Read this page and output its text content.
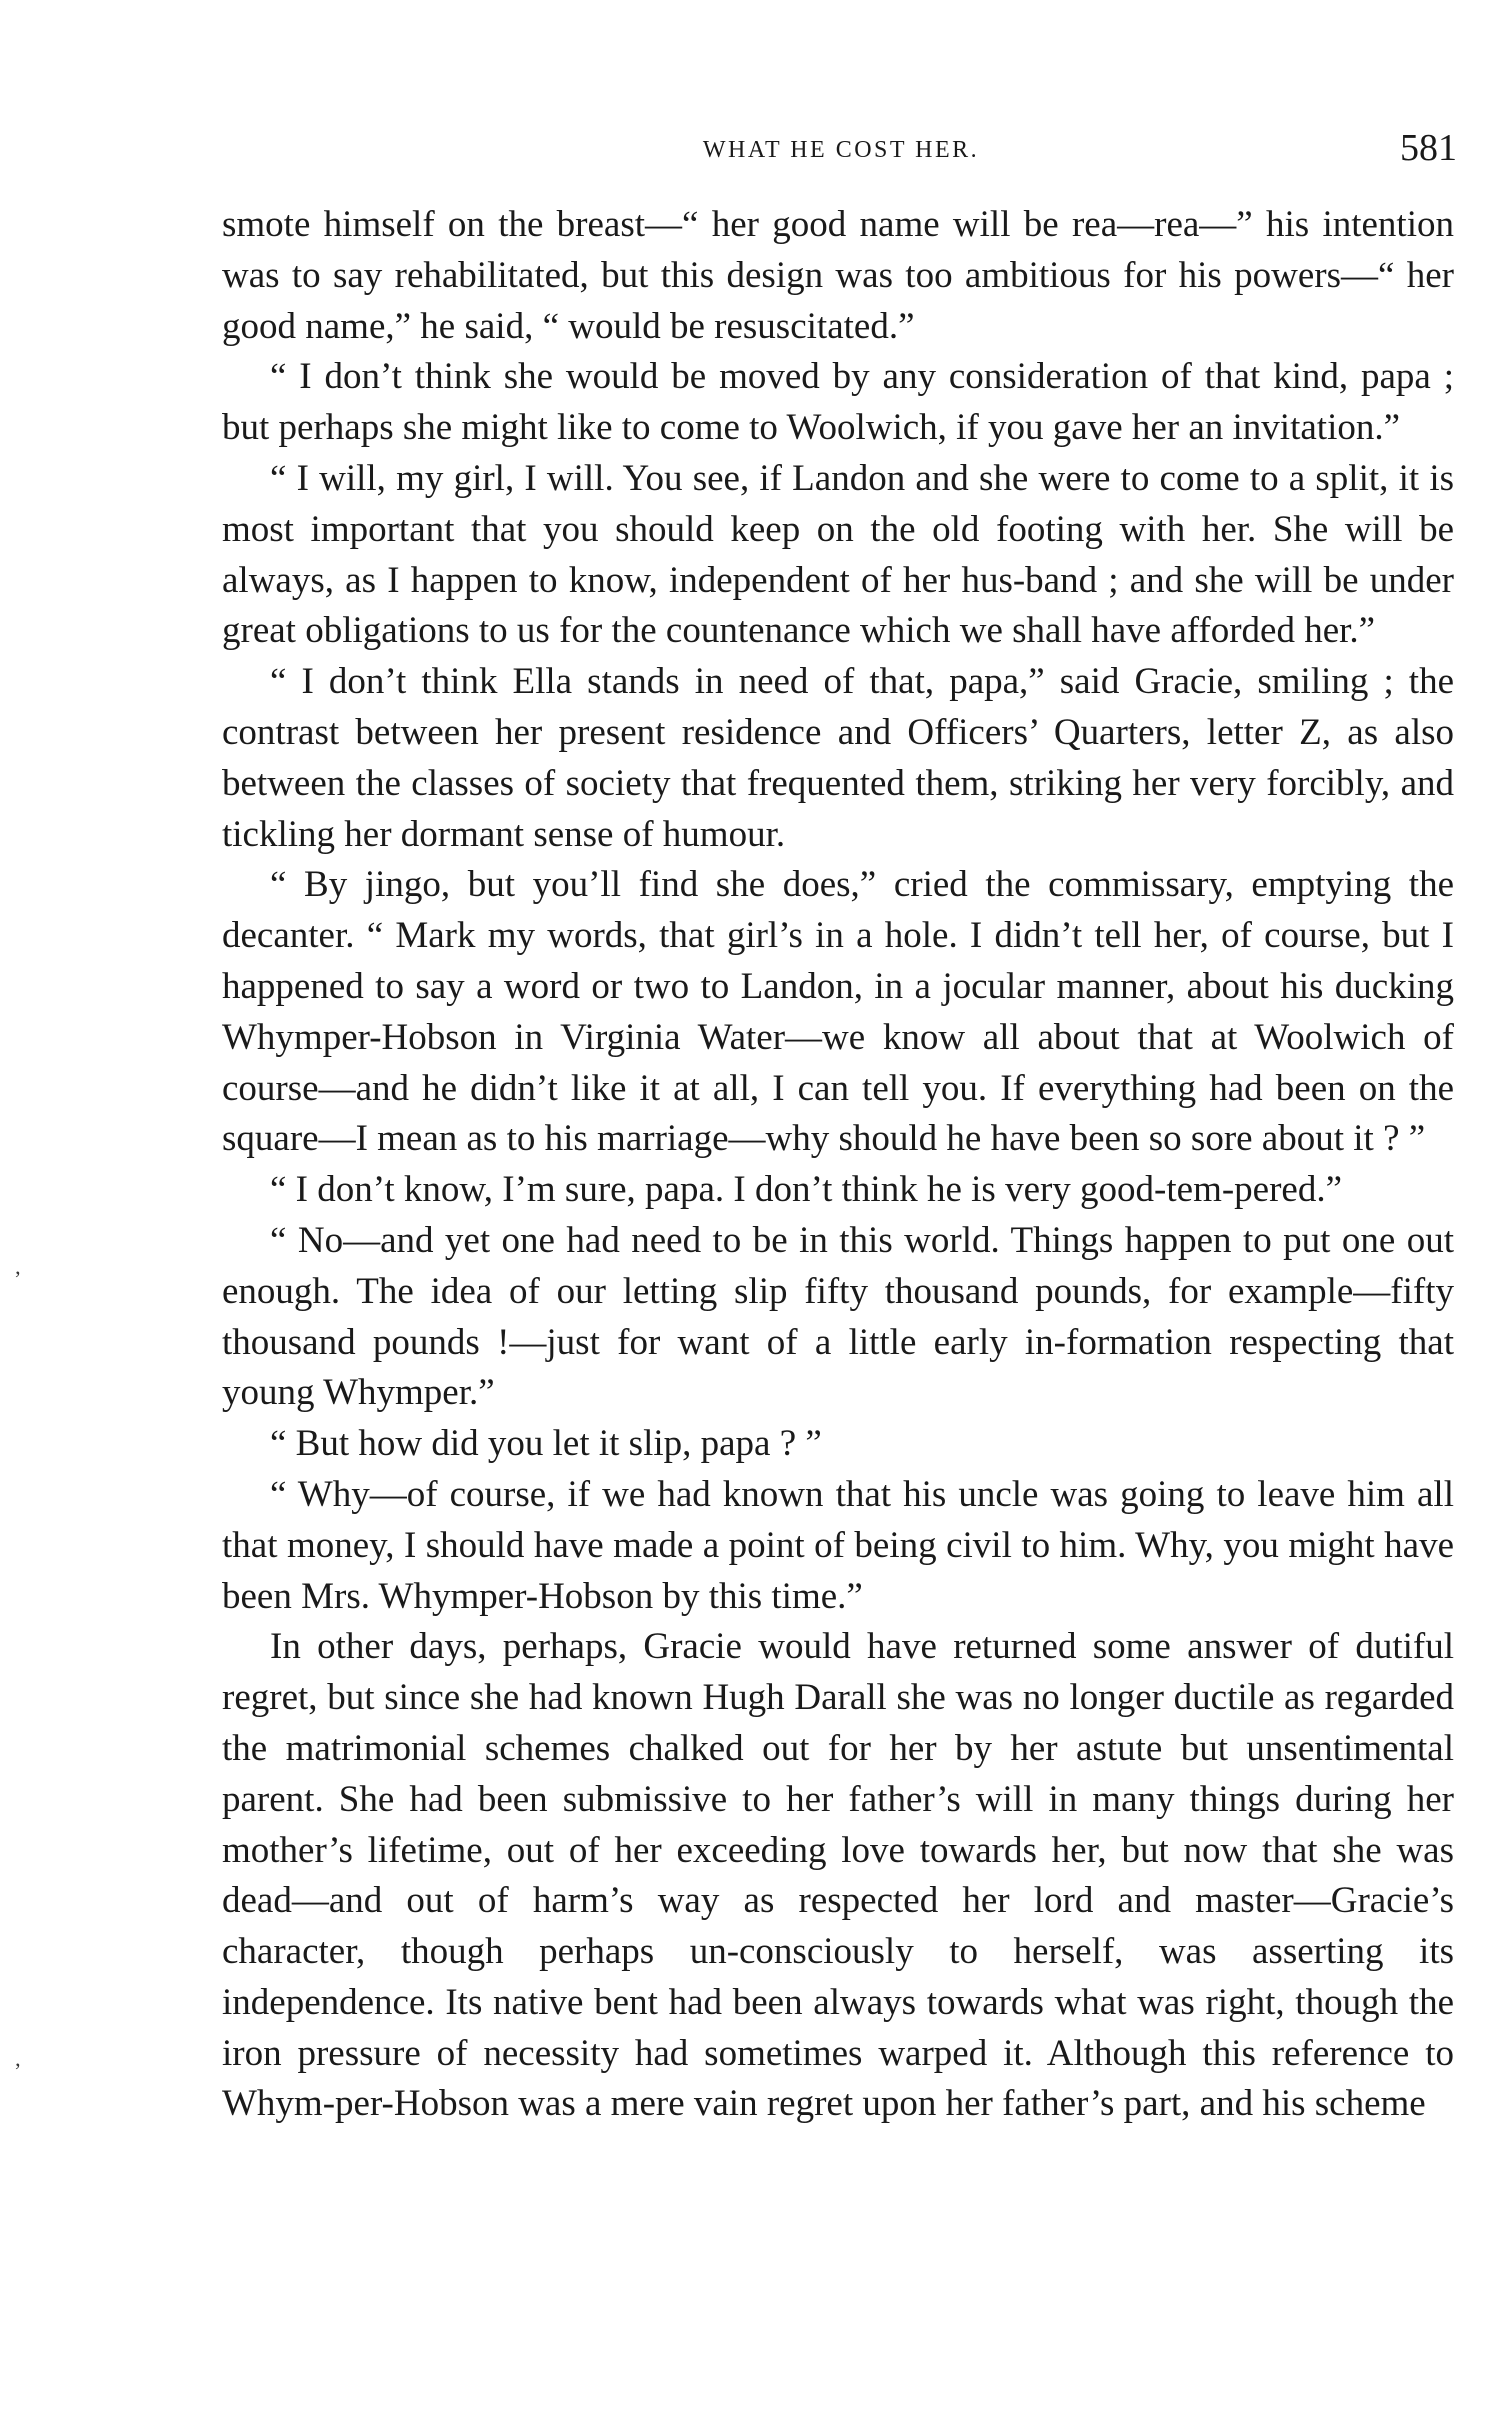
WHAT HE COST HER.	581

smote himself on the breast—“ her good name will be rea—rea—” his intention was to say rehabilitated, but this design was too ambitious for his powers—“ her good name,” he said, “ would be resuscitated.”

“ I don’t think she would be moved by any consideration of that kind, papa ; but perhaps she might like to come to Woolwich, if you gave her an invitation.”

“ I will, my girl, I will. You see, if Landon and she were to come to a split, it is most important that you should keep on the old footing with her. She will be always, as I happen to know, independent of her hus-band ; and she will be under great obligations to us for the countenance which we shall have afforded her.”

“ I don’t think Ella stands in need of that, papa,” said Gracie, smiling ; the contrast between her present residence and Officers’ Quarters, letter Z, as also between the classes of society that frequented them, striking her very forcibly, and tickling her dormant sense of humour.

“ By jingo, but you’ll find she does,” cried the commissary, emptying the decanter. “ Mark my words, that girl’s in a hole. I didn’t tell her, of course, but I happened to say a word or two to Landon, in a jocular manner, about his ducking Whymper-Hobson in Virginia Water—we know all about that at Woolwich of course—and he didn’t like it at all, I can tell you. If everything had been on the square—I mean as to his marriage—why should he have been so sore about it ? ”

“ I don’t know, I’m sure, papa. I don’t think he is very good-tem-pered.”

“ No—and yet one had need to be in this world. Things happen to put one out enough. The idea of our letting slip fifty thousand pounds, for example—fifty thousand pounds !—just for want of a little early in-formation respecting that young Whymper.”

“ But how did you let it slip, papa ? ”

“ Why—of course, if we had known that his uncle was going to leave him all that money, I should have made a point of being civil to him. Why, you might have been Mrs. Whymper-Hobson by this time.”

In other days, perhaps, Gracie would have returned some answer of dutiful regret, but since she had known Hugh Darall she was no longer ductile as regarded the matrimonial schemes chalked out for her by her astute but unsentimental parent. She had been submissive to her father’s will in many things during her mother’s lifetime, out of her exceeding love towards her, but now that she was dead—and out of harm’s way as respected her lord and master—Gracie’s character, though perhaps un-consciously to herself, was asserting its independence. Its native bent had been always towards what was right, though the iron pressure of necessity had sometimes warped it. Although this reference to Whym-per-Hobson was a mere vain regret upon her father’s part, and his scheme

’
’
